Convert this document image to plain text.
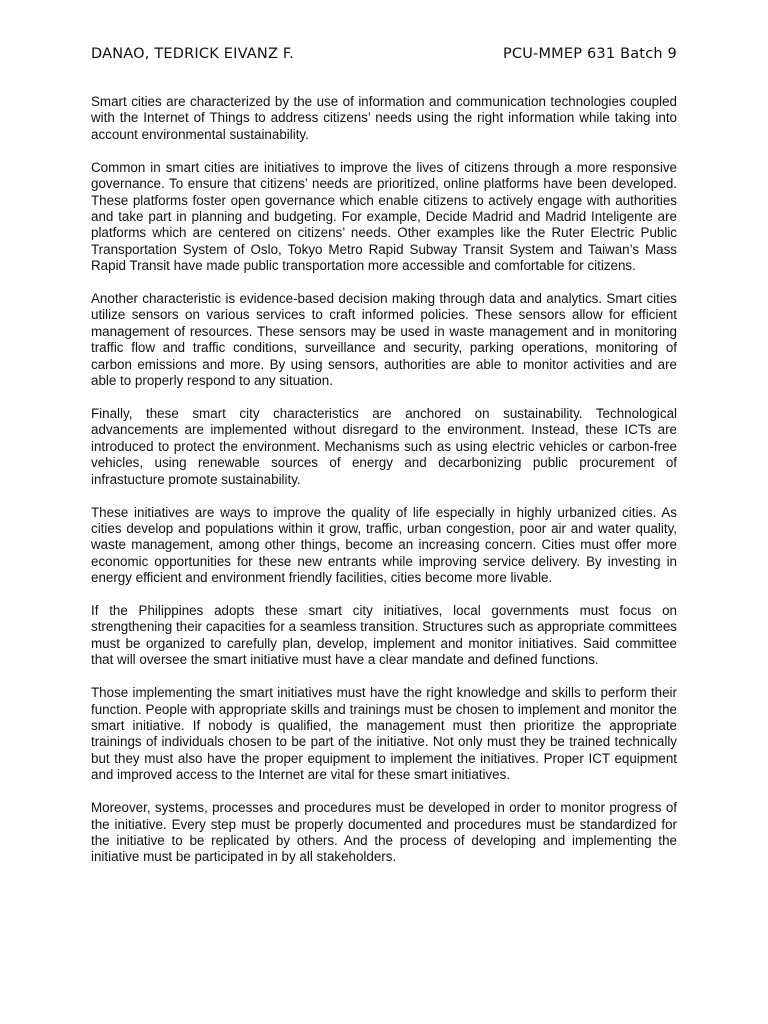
DANAO, TEDRICK EIVANZ F.	PCU-MMEP 631 Batch 9

Smart cities are characterized by the use of information and communication technologies coupled with the Internet of Things to address citizens’ needs using the right information while taking into account environmental sustainability.

Common in smart cities are initiatives to improve the lives of citizens through a more responsive governance. To ensure that citizens’ needs are prioritized, online platforms have been developed. These platforms foster open governance which enable citizens to actively engage with authorities and take part in planning and budgeting. For example, Decide Madrid and Madrid Inteligente are platforms which are centered on citizens’ needs. Other examples like the Ruter Electric Public Transportation System of Oslo, Tokyo Metro Rapid Subway Transit System and Taiwan’s Mass Rapid Transit have made public transportation more accessible and comfortable for citizens.

Another characteristic is evidence-based decision making through data and analytics. Smart cities utilize sensors on various services to craft informed policies. These sensors allow for efficient management of resources. These sensors may be used in waste management and in monitoring traffic flow and traffic conditions, surveillance and security, parking operations, monitoring of carbon emissions and more. By using sensors, authorities are able to monitor activities and are able to properly respond to any situation.

Finally, these smart city characteristics are anchored on sustainability. Technological advancements are implemented without disregard to the environment. Instead, these ICTs are introduced to protect the environment. Mechanisms such as using electric vehicles or carbon-free vehicles, using renewable sources of energy and decarbonizing public procurement of infrastucture promote sustainability.

These initiatives are ways to improve the quality of life especially in highly urbanized cities. As cities develop and populations within it grow, traffic, urban congestion, poor air and water quality, waste management, among other things, become an increasing concern. Cities must offer more economic opportunities for these new entrants while improving service delivery. By investing in energy efficient and environment friendly facilities, cities become more livable.

If the Philippines adopts these smart city initiatives, local governments must focus on strengthening their capacities for a seamless transition. Structures such as appropriate committees must be organized to carefully plan, develop, implement and monitor initiatives. Said committee that will oversee the smart initiative must have a clear mandate and defined functions.

Those implementing the smart initiatives must have the right knowledge and skills to perform their function. People with appropriate skills and trainings must be chosen to implement and monitor the smart initiative. If nobody is qualified, the management must then prioritize the appropriate trainings of individuals chosen to be part of the initiative. Not only must they be trained technically but they must also have the proper equipment to implement the initiatives. Proper ICT equipment and improved access to the Internet are vital for these smart initiatives.

Moreover, systems, processes and procedures must be developed in order to monitor progress of the initiative. Every step must be properly documented and procedures must be standardized for the initiative to be replicated by others. And the process of developing and implementing the initiative must be participated in by all stakeholders.
